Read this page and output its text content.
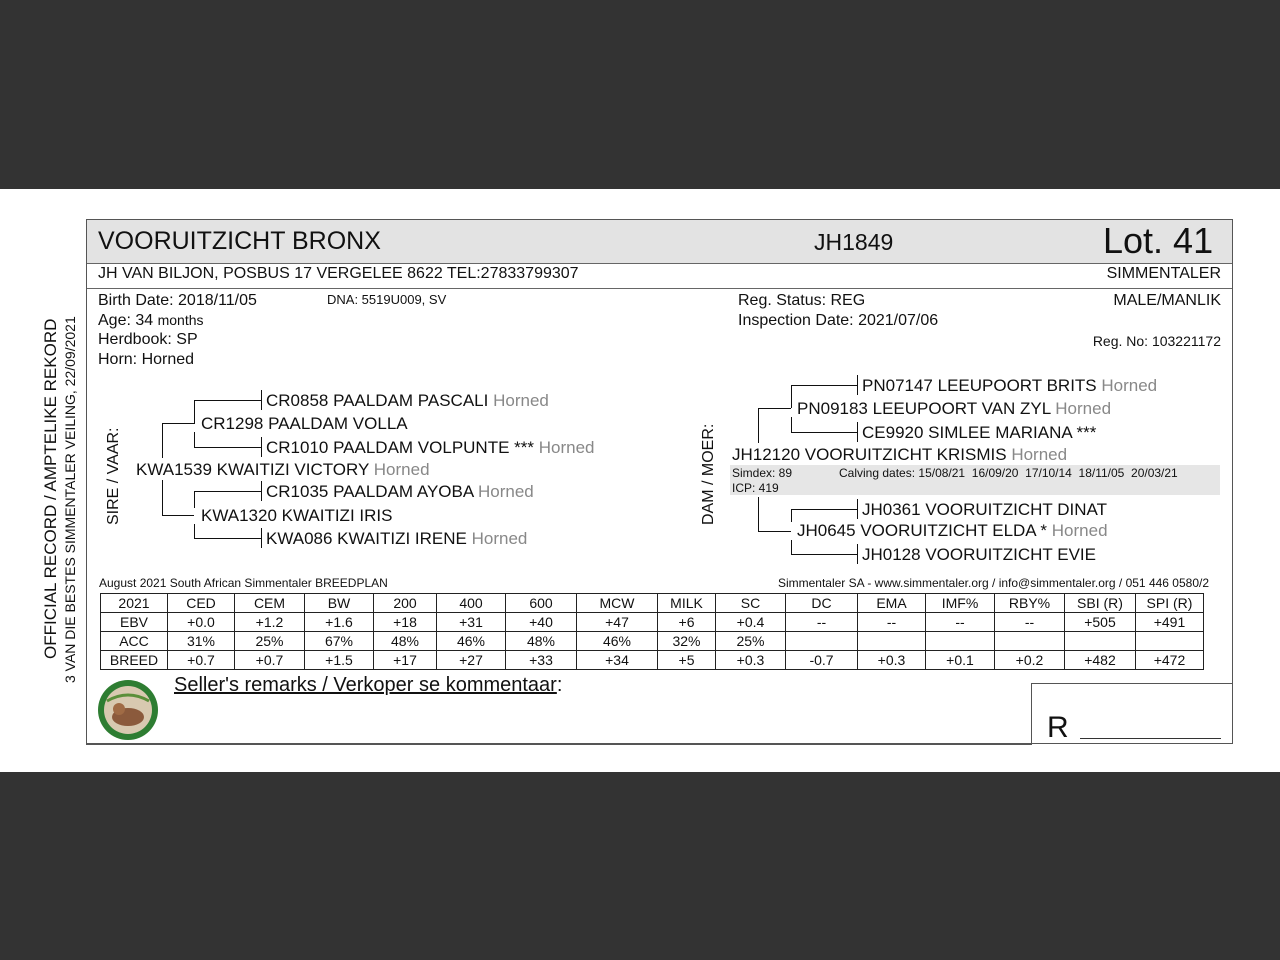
OFFICIAL RECORD / AMPTELIKE REKORD 3 VAN DIE BESTES SIMMENTALER VEILING, 22/09/2021
VOORUITZICHT BRONX	JH1849	Lot. 41
JH VAN BILJON, POSBUS 17 VERGELEE 8622 TEL:27833799307	SIMMENTALER
Birth Date: 2018/11/05	DNA: 5519U009, SV
Age: 34 months
Herdbook: SP
Horn: Horned
Reg. Status: REG
Inspection Date: 2021/07/06
MALE/MANLIK
Reg. No: 103221172
SIRE / VAAR:
CR0858 PAALDAM PASCALI Horned
CR1298 PAALDAM VOLLA
CR1010 PAALDAM VOLPUNTE *** Horned
KWA1539 KWAITIZI VICTORY Horned
CR1035 PAALDAM AYOBA Horned
KWA1320 KWAITIZI IRIS
KWA086 KWAITIZI IRENE Horned
DAM / MOER: Simdex: 89
ICP: 419
Calving dates: 15/08/21  16/09/20  17/10/14  18/11/05  20/03/21
PN07147 LEEUPOORT BRITS Horned
PN09183 LEEUPOORT VAN ZYL Horned
CE9920 SIMLEE MARIANA ***
JH12120 VOORUITZICHT KRISMIS Horned
JH0361 VOORUITZICHT DINAT
JH0645 VOORUITZICHT ELDA * Horned
JH0128 VOORUITZICHT EVIE
August 2021 South African Simmentaler BREEDPLAN	Simmentaler SA - www.simmentaler.org / info@simmentaler.org / 051 446 0580/2
2021	CED	CEM	BW	200	400	600	MCW	MILK	SC	DC	EMA	IMF%	RBY%	SBI (R)	SPI (R)
EBV	+0.0	+1.2	+1.6	+18	+31	+40	+47	+6	+0.4	--	--	--	--	+505	+491
ACC	31%	25%	67%	48%	46%	48%	46%	32%	25%						
BREED	+0.7	+0.7	+1.5	+17	+27	+33	+34	+5	+0.3	-0.7	+0.3	+0.1	+0.2	+482	+472
Seller's remarks / Verkoper se kommentaar:
R
